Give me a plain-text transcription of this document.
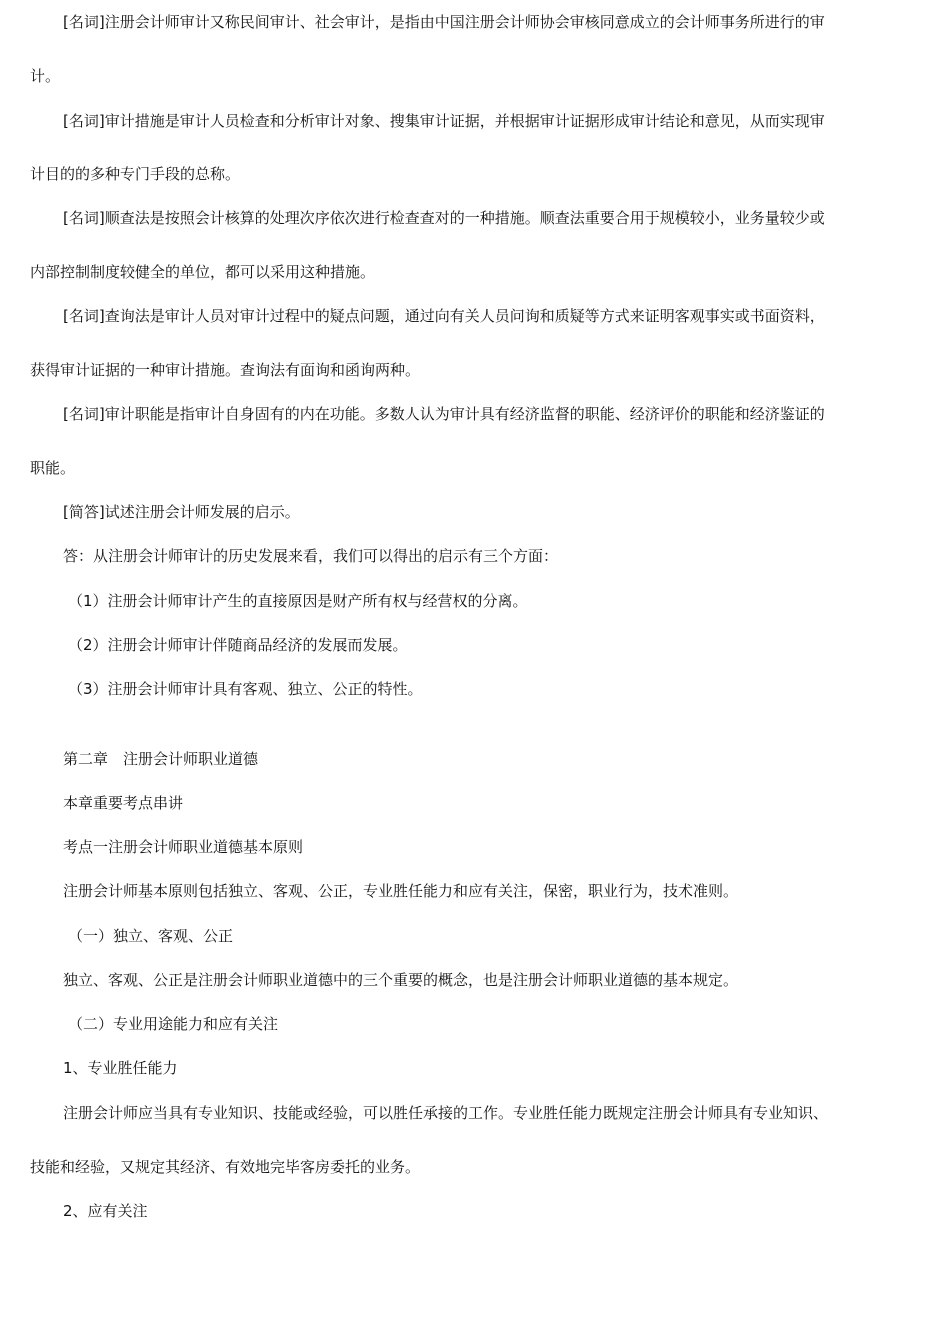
[名词]注册会计师审计又称民间审计、社会审计，是指由中国注册会计师协会审核同意成立的会计师事务所进行的审
计。
[名词]审计措施是审计人员检查和分析审计对象、搜集审计证据，并根据审计证据形成审计结论和意见，从而实现审
计目的的多种专门手段的总称。
[名词]顺查法是按照会计核算的处理次序依次进行检查查对的一种措施。顺查法重要合用于规模较小，业务量较少或
内部控制制度较健全的单位，都可以采用这种措施。
[名词]查询法是审计人员对审计过程中的疑点问题，通过向有关人员问询和质疑等方式来证明客观事实或书面资料，
获得审计证据的一种审计措施。查询法有面询和函询两种。
[名词]审计职能是指审计自身固有的内在功能。多数人认为审计具有经济监督的职能、经济评价的职能和经济鉴证的
职能。
[简答]试述注册会计师发展的启示。
答：从注册会计师审计的历史发展来看，我们可以得出的启示有三个方面：
（1）注册会计师审计产生的直接原因是财产所有权与经营权的分离。
（2）注册会计师审计伴随商品经济的发展而发展。
（3）注册会计师审计具有客观、独立、公正的特性。
第二章　注册会计师职业道德
本章重要考点串讲
考点一注册会计师职业道德基本原则
注册会计师基本原则包括独立、客观、公正，专业胜任能力和应有关注，保密，职业行为，技术准则。
（一）独立、客观、公正
独立、客观、公正是注册会计师职业道德中的三个重要的概念，也是注册会计师职业道德的基本规定。
（二）专业用途能力和应有关注
1、专业胜任能力
注册会计师应当具有专业知识、技能或经验，可以胜任承接的工作。专业胜任能力既规定注册会计师具有专业知识、
技能和经验，又规定其经济、有效地完毕客房委托的业务。
2、应有关注
